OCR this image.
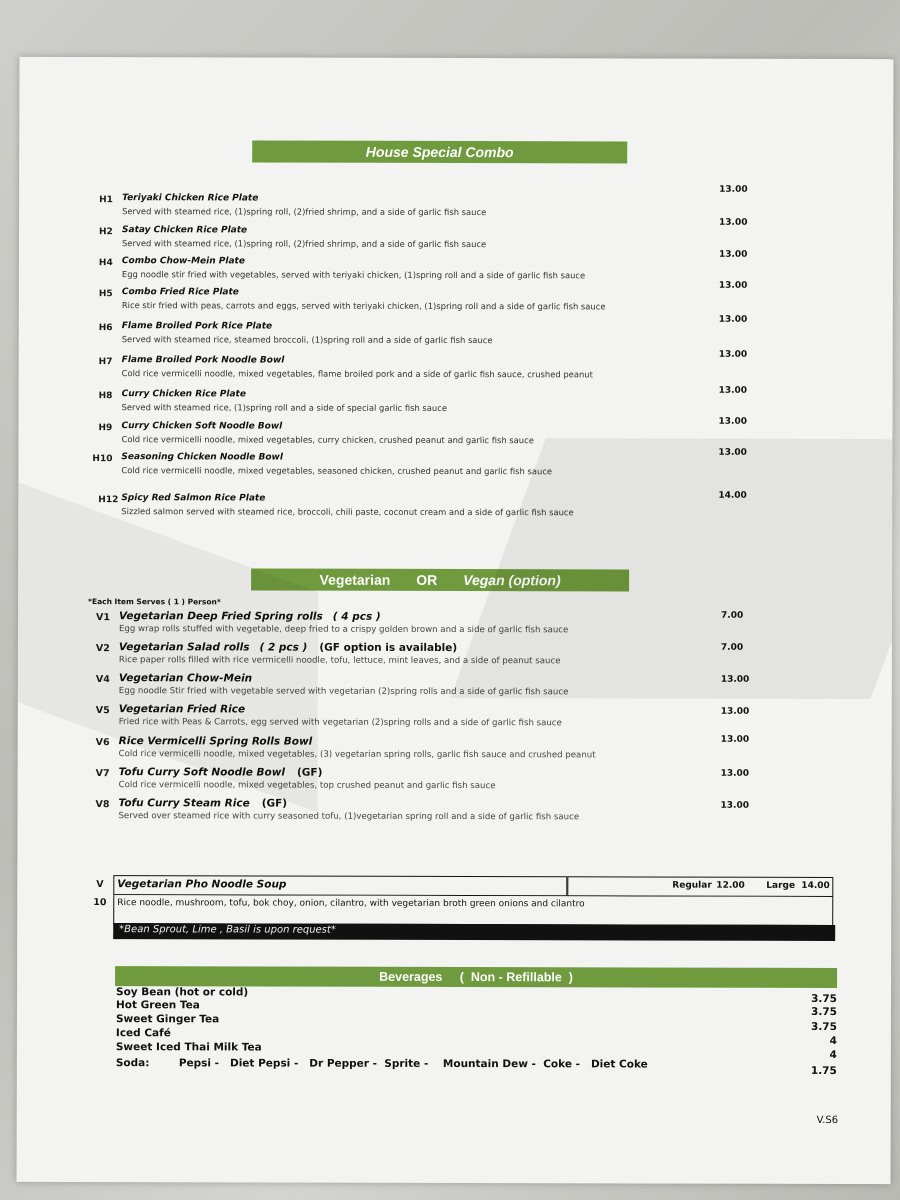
House Special Combo
H1 Teriyaki Chicken Rice Plate
Served with steamed rice, (1)spring roll, (2)fried shrimp, and a side of garlic fish sauce
13.00
H2 Satay Chicken Rice Plate
Served with steamed rice, (1)spring roll, (2)fried shrimp, and a side of garlic fish sauce
13.00
H4 Combo Chow-Mein Plate
Egg noodle stir fried with vegetables, served with teriyaki chicken, (1)spring roll and a side of garlic fish sauce
13.00
H5 Combo Fried Rice Plate
Rice stir fried with peas, carrots and eggs, served with teriyaki chicken, (1)spring roll and a side of garlic fish sauce
13.00
H6 Flame Broiled Pork Rice Plate
Served with steamed rice, steamed broccoli, (1)spring roll and a side of garlic fish sauce
13.00
H7 Flame Broiled Pork Noodle Bowl
Cold rice vermicelli noodle, mixed vegetables, flame broiled pork and a side of garlic fish sauce, crushed peanut
13.00
H8 Curry Chicken Rice Plate
Served with steamed rice, (1)spring roll and a side of special garlic fish sauce
13.00
H9 Curry Chicken Soft Noodle Bowl
Cold rice vermicelli noodle, mixed vegetables, curry chicken, crushed peanut and garlic fish sauce
13.00
H10 Seasoning Chicken Noodle Bowl
Cold rice vermicelli noodle, mixed vegetables, seasoned chicken, crushed peanut and garlic fish sauce
13.00
H12 Spicy Red Salmon Rice Plate
Sizzled salmon served with steamed rice, broccoli, chili paste, coconut cream and a side of garlic fish sauce
14.00
Vegetarian OR Vegan (option)
*Each Item Serves ( 1 ) Person*
V1 Vegetarian Deep Fried Spring rolls ( 4 pcs )
Egg wrap rolls stuffed with vegetable, deep fried to a crispy golden brown and a side of garlic fish sauce
7.00
V2 Vegetarian Salad rolls ( 2 pcs ) (GF option is available)
Rice paper rolls filled with rice vermicelli noodle, tofu, lettuce, mint leaves, and a side of peanut sauce
7.00
V4 Vegetarian Chow-Mein
Egg noodle Stir fried with vegetable served with vegetarian (2)spring rolls and a side of garlic fish sauce
13.00
V5 Vegetarian Fried Rice
Fried rice with Peas & Carrots, egg served with vegetarian (2)spring rolls and a side of garlic fish sauce
13.00
V6 Rice Vermicelli Spring Rolls Bowl
Cold rice vermicelli noodle, mixed vegetables, (3) vegetarian spring rolls, garlic fish sauce and crushed peanut
13.00
V7 Tofu Curry Soft Noodle Bowl (GF)
Cold rice vermicelli noodle, mixed vegetables, top crushed peanut and garlic fish sauce
13.00
V8 Tofu Curry Steam Rice (GF)
Served over steamed rice with curry seasoned tofu, (1)vegetarian spring roll and a side of garlic fish sauce
13.00
V
10
Vegetarian Pho Noodle Soup	Regular 12.00 Large 14.00
Rice noodle, mushroom, tofu, bok choy, onion, cilantro, with vegetarian broth green onions and cilantro
*Bean Sprout, Lime , Basil is upon request*
Beverages     (  Non - Refillable  )
Soy Bean (hot or cold)
3.75
Hot Green Tea
3.75
Sweet Ginger Tea
3.75
Iced Café
4
Sweet Iced Thai Milk Tea
4
Soda:	Pepsi -   Diet Pepsi -   Dr Pepper -  Sprite -    Mountain Dew -  Coke -   Diet Coke
1.75
V.S6
